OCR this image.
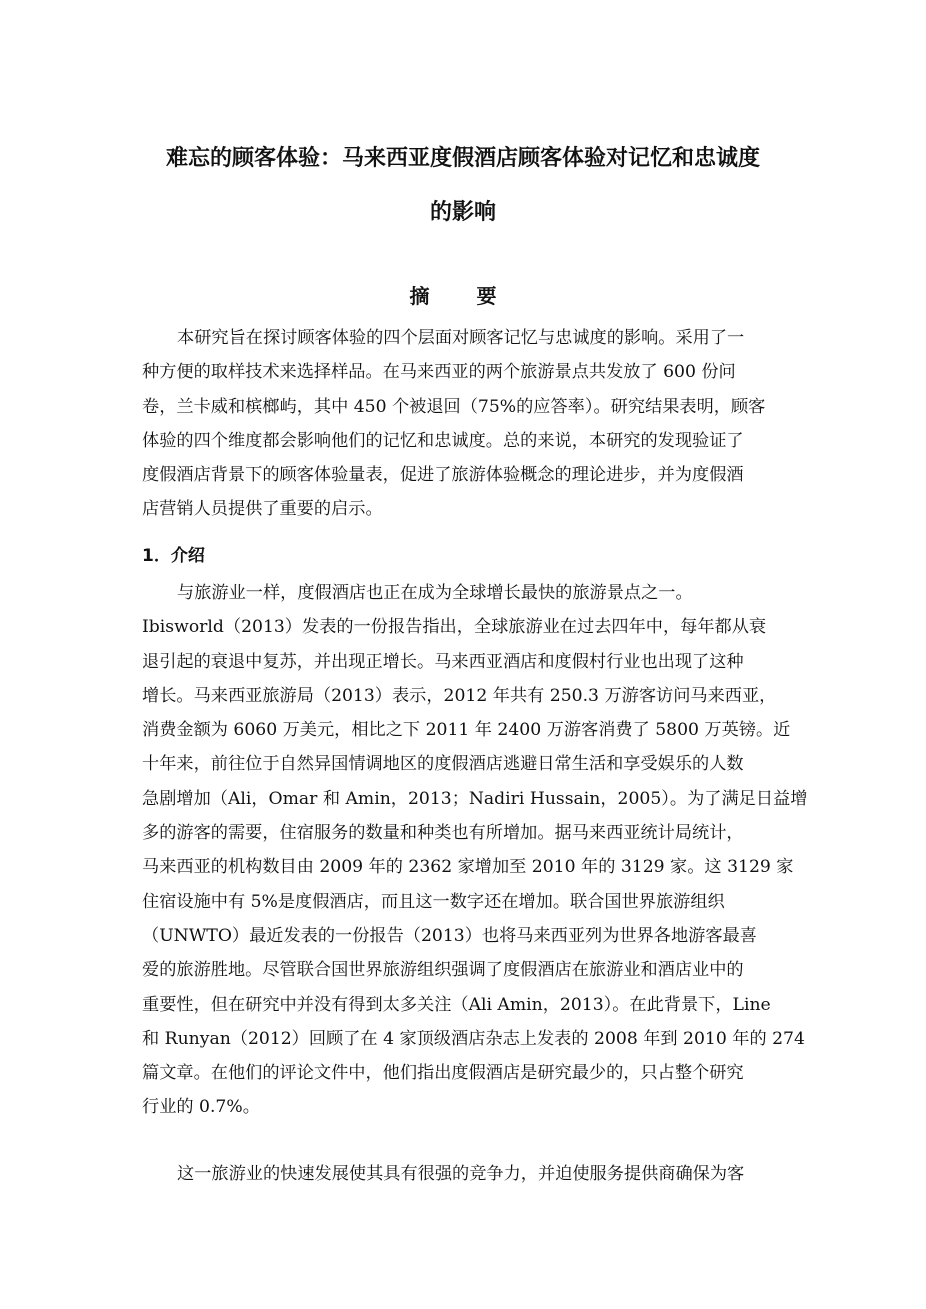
难忘的顾客体验：马来西亚度假酒店顾客体验对记忆和忠诚度
的影响
摘 要

本研究旨在探讨顾客体验的四个层面对顾客记忆与忠诚度的影响。采用了一
种方便的取样技术来选择样品。在马来西亚的两个旅游景点共发放了 600 份问
卷，兰卡威和槟榔屿，其中 450 个被退回（75%的应答率）。研究结果表明，顾客
体验的四个维度都会影响他们的记忆和忠诚度。总的来说，本研究的发现验证了
度假酒店背景下的顾客体验量表，促进了旅游体验概念的理论进步，并为度假酒
店营销人员提供了重要的启示。

1．介绍

与旅游业一样，度假酒店也正在成为全球增长最快的旅游景点之一。
Ibisworld（2013）发表的一份报告指出，全球旅游业在过去四年中，每年都从衰
退引起的衰退中复苏，并出现正增长。马来西亚酒店和度假村行业也出现了这种
增长。马来西亚旅游局（2013）表示，2012 年共有 250.3 万游客访问马来西亚，
消费金额为 6060 万美元，相比之下 2011 年 2400 万游客消费了 5800 万英镑。近
十年来，前往位于自然异国情调地区的度假酒店逃避日常生活和享受娱乐的人数
急剧增加（Ali，Omar 和 Amin，2013；Nadiri Hussain，2005）。为了满足日益增
多的游客的需要，住宿服务的数量和种类也有所增加。据马来西亚统计局统计，
马来西亚的机构数目由 2009 年的 2362 家增加至 2010 年的 3129 家。这 3129 家
住宿设施中有 5%是度假酒店，而且这一数字还在增加。联合国世界旅游组织
（UNWTO）最近发表的一份报告（2013）也将马来西亚列为世界各地游客最喜
爱的旅游胜地。尽管联合国世界旅游组织强调了度假酒店在旅游业和酒店业中的
重要性，但在研究中并没有得到太多关注（Ali Amin，2013）。在此背景下，Line
和 Runyan（2012）回顾了在 4 家顶级酒店杂志上发表的 2008 年到 2010 年的 274
篇文章。在他们的评论文件中，他们指出度假酒店是研究最少的，只占整个研究
行业的 0.7%。

这一旅游业的快速发展使其具有很强的竞争力，并迫使服务提供商确保为客
